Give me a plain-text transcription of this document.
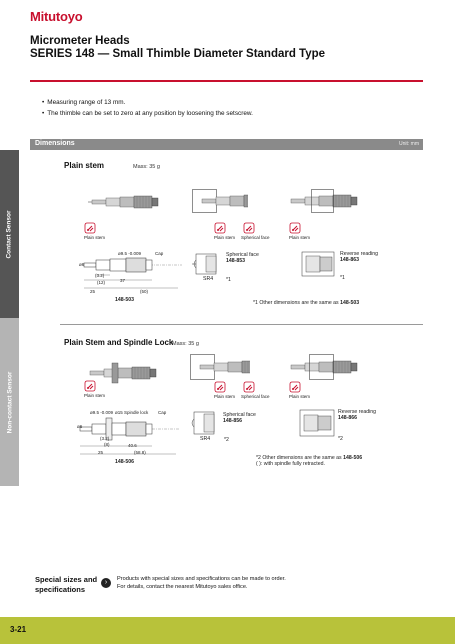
Mitutoyo
Micrometer Heads
SERIES 148 — Small Thimble Diameter Standard Type
• Measuring range of 13 mm.
• The thimble can be set to zero at any position by loosening the setscrew.
Dimensions	Unit: mm
Contact Sensor
Non-contact Sensor
Plain stem	Mass: 35 g
Plain stem	Plain stem Spherical face	Plain stem
ø9.5 -0.009	Cap
ø6
(3.2)
(12)	37
25	(50)
148-503
Spherical face
148-853
SR4 *1
Reverse reading
148-863
*1
*1 Other dimensions are the same as 148-503
Plain Stem and Spindle Lock
Mass: 35 g
Plain stem	Plain stem Spherical face	Plain stem
ø9.5 -0.009 ø15 Spindle lock Cap
ø6
(3.2)
(8)	40.6
25	(58.8)
148-506
Spherical face
148-856
SR4	*2
Reverse reading
148-866
*2
*2 Other dimensions are the same as 148-506
( ): with spindle fully retracted.
Special sizes and
specifications
›	Products with special sizes and specifications can be made to order.
For details, contact the nearest Mitutoyo sales office.
3-21
